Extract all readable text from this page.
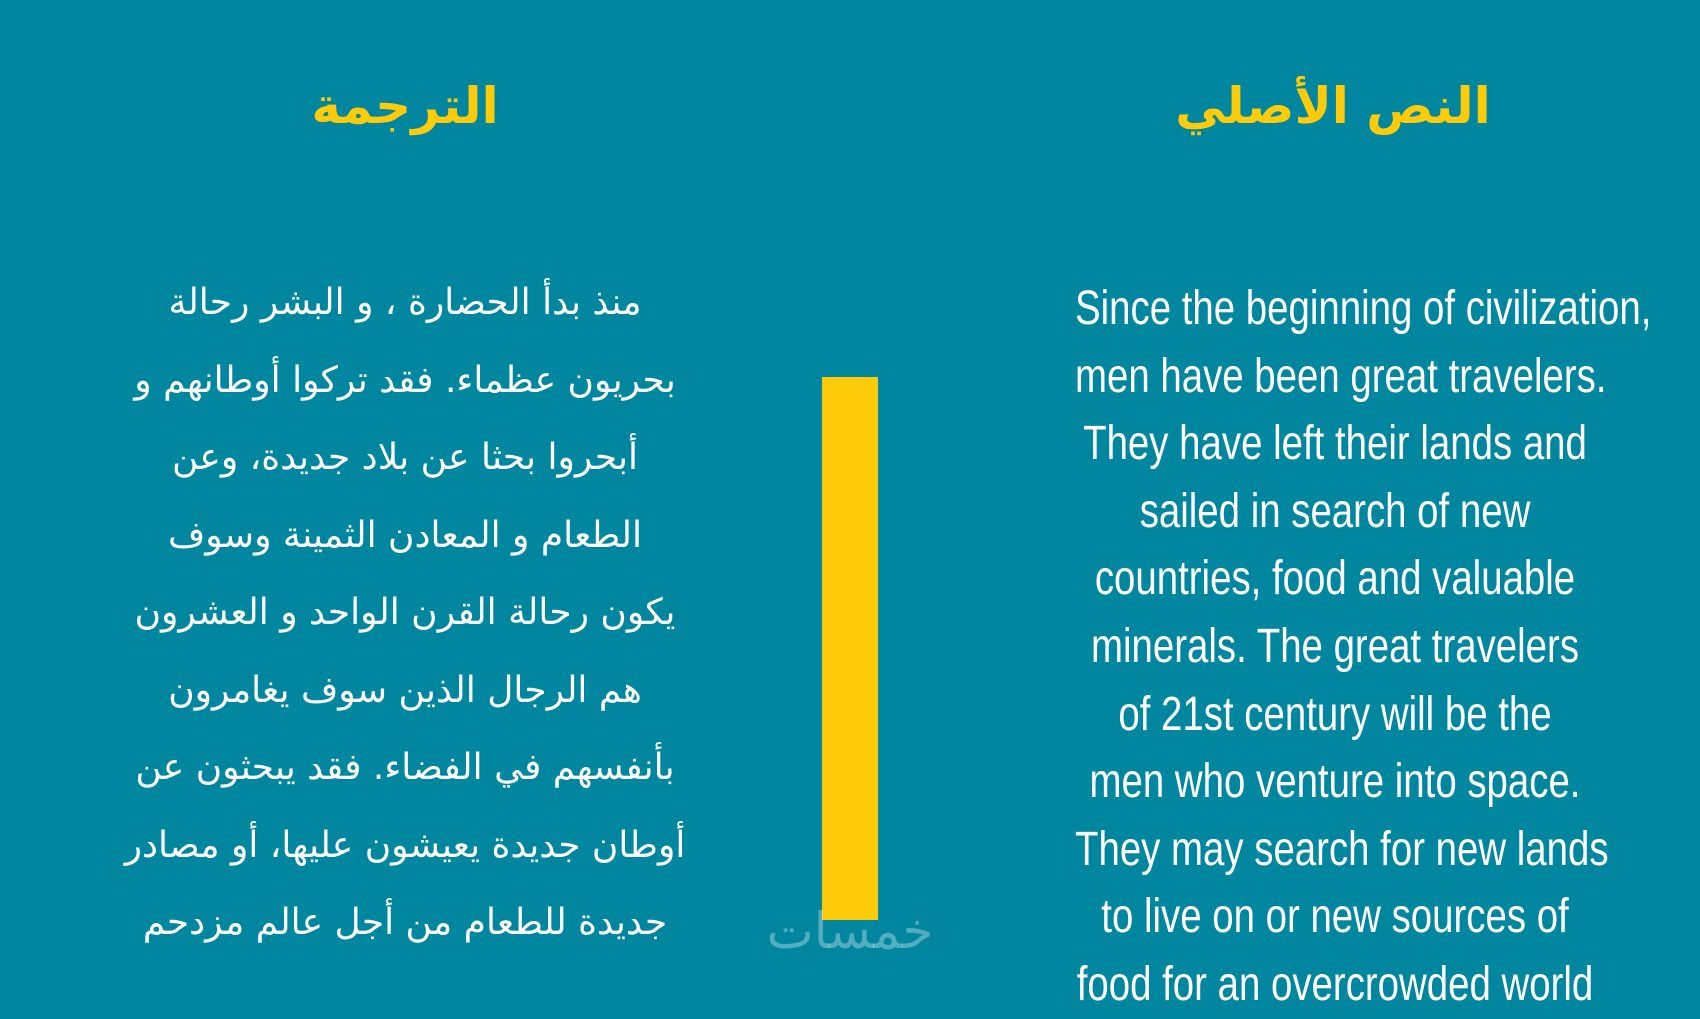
الترجمة	النص الأصلي
منذ بدأ الحضارة ، و البشر رحالة
بحريون عظماء. فقد تركوا أوطانهم و
أبحروا بحثا عن بلاد جديدة، وعن
الطعام و المعادن الثمينة وسوف
يكون رحالة القرن الواحد و العشرون
هم الرجال الذين سوف يغامرون
بأنفسهم في الفضاء. فقد يبحثون عن
أوطان جديدة يعيشون عليها، أو مصادر
جديدة للطعام من أجل عالم مزدحم
Since the beginning of civilization,
men have been great travelers.
They have left their lands and
sailed in search of new
countries, food and valuable
minerals. The great travelers
of 21st century will be the
men who venture into space.
They may search for new lands
to live on or new sources of
food for an overcrowded world
خمسات
